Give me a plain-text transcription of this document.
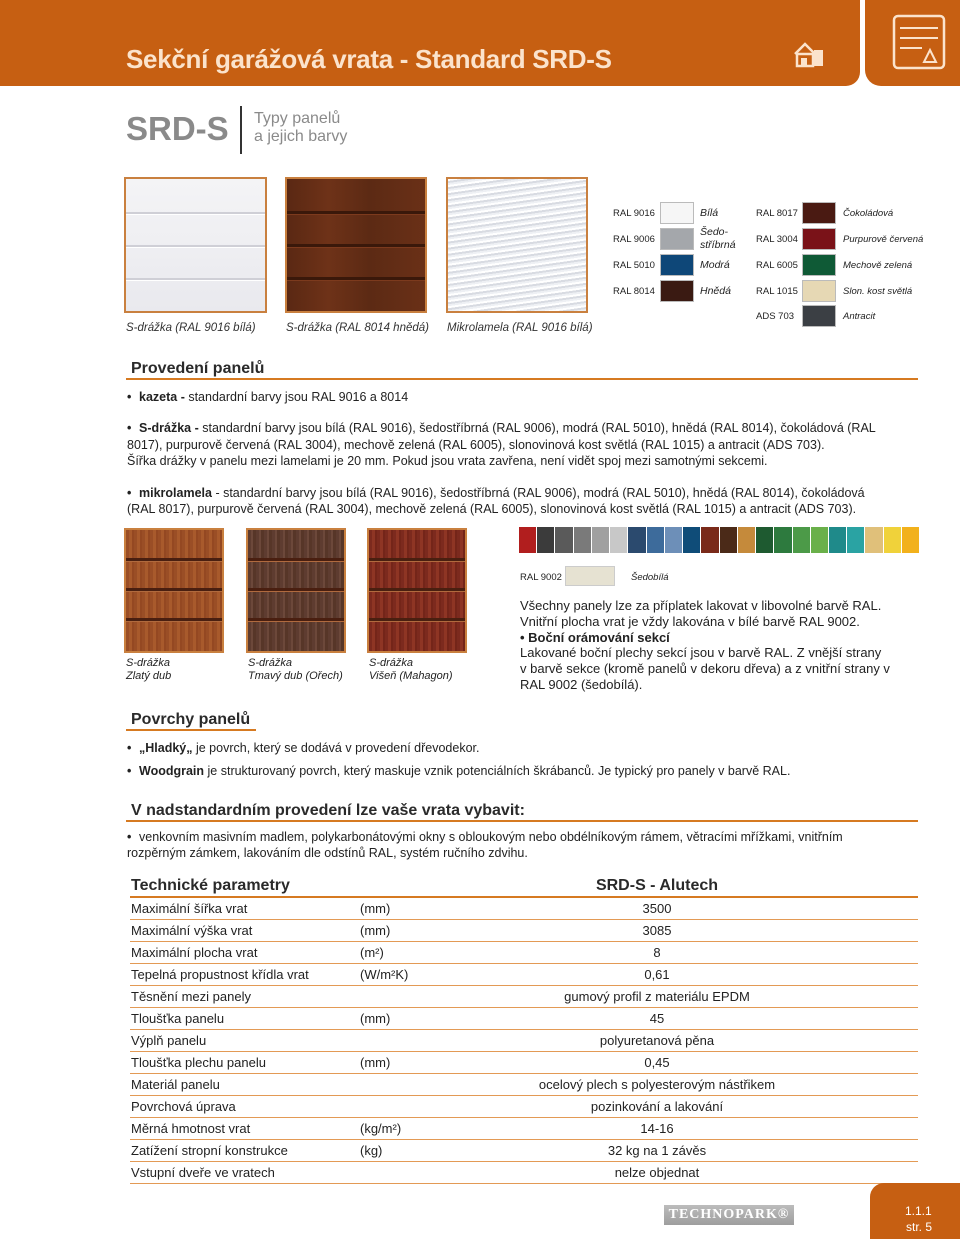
Sekční garážová vrata - Standard SRD-S
SRD-S Typy panelů
a jejich barvy
S-drážka (RAL 9016 bílá)	S-drážka (RAL 8014 hnědá) Mikrolamela (RAL 9016 bílá)
RAL 9016	Bílá
RAL 9006
Šedo-
stříbrná
RAL 5010	Modrá
RAL 8014	Hnědá
RAL 8017	Čokoládová
RAL 3004	Purpurově červená
RAL 6005	Mechově zelená
RAL 1015	Slon. kost světlá
ADS 703	Antracit
Provedení panelů
• kazeta - standardní barvy jsou RAL 9016 a 8014
• S-drážka - standardní barvy jsou bílá (RAL 9016), šedostříbrná (RAL 9006), modrá (RAL 5010), hnědá (RAL 8014), čokoládová (RAL
8017), purpurově červená (RAL 3004), mechově zelená (RAL 6005), slonovinová kost světlá (RAL 1015) a antracit (ADS 703).
Šířka drážky v panelu mezi lamelami je 20 mm. Pokud jsou vrata zavřena, není vidět spoj mezi samotnými sekcemi.
• mikrolamela - standardní barvy jsou bílá (RAL 9016), šedostříbrná (RAL 9006), modrá (RAL 5010), hnědá (RAL 8014), čokoládová
(RAL 8017), purpurově červená (RAL 3004), mechově zelená (RAL 6005), slonovinová kost světlá (RAL 1015) a antracit (ADS 703).
RAL 9002	Šedobílá
S-drážka
Zlatý dub
S-drážka
Tmavý dub (Ořech)
S-drážka
Višeň (Mahagon)
Všechny panely lze za příplatek lakovat v libovolné barvě RAL.
Vnitřní plocha vrat je vždy lakována v bílé barvě RAL 9002.
• Boční orámování sekcí
Lakované boční plechy sekcí jsou v barvě RAL. Z vnější strany
v barvě sekce (kromě panelů v dekoru dřeva) a z vnitřní strany v
RAL 9002 (šedobílá).
Povrchy panelů
• „Hladký„ je povrch, který se dodává v provedení dřevodekor.
• Woodgrain je strukturovaný povrch, který maskuje vznik potenciálních škrábanců. Je typický pro panely v barvě RAL.
V nadstandardním provedení lze vaše vrata vybavit:
• venkovním masivním madlem, polykarbonátovými okny s obloukovým nebo obdélníkovým rámem, větracími mřížkami, vnitřním
rozpěrným zámkem, lakováním dle odstínů RAL, systém ručního zdvihu.
Technické parametry	SRD-S - Alutech
Maximální šířka vrat	(mm)	3500
Maximální výška vrat	(mm)	3085
Maximální plocha vrat	(m²)	8
Tepelná propustnost křídla vrat	(W/m²K)	0,61
Těsnění mezi panely	gumový profil z materiálu EPDM
Tloušťka panelu	(mm)	45
Výplň panelu	polyuretanová pěna
Tloušťka plechu panelu	(mm)	0,45
Materiál panelu	ocelový plech s polyesterovým nástřikem
Povrchová úprava	pozinkování a lakování
Měrná hmotnost vrat	(kg/m²)	14-16
Zatížení stropní konstrukce	(kg)	32 kg na 1 závěs
Vstupní dveře ve vratech	nelze objednat
TECHNOPARK®	1.1.1
str. 5
